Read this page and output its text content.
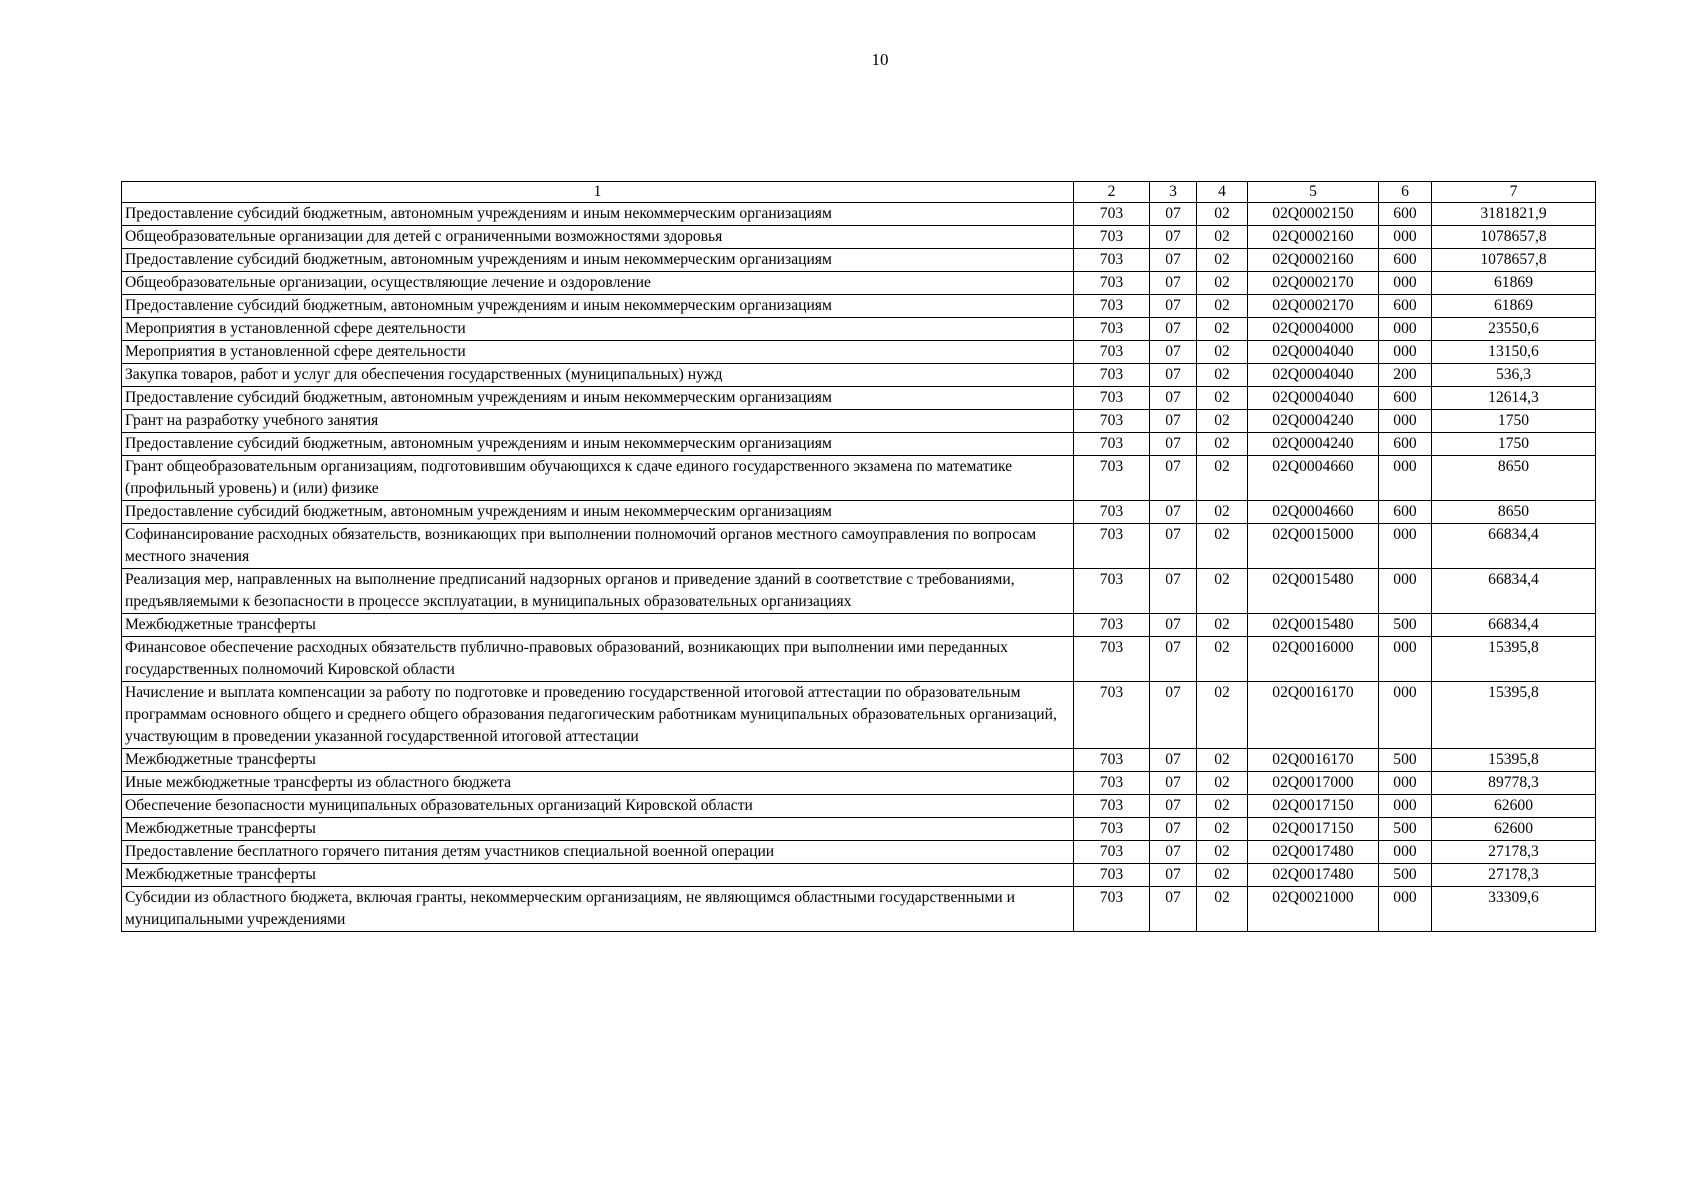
10
1	2	3	4	5	6	7
Предоставление субсидий бюджетным, автономным учреждениям и иным некоммерческим организациям	703	07	02	02Q0002150	600	3181821,9
Общеобразовательные организации для детей с ограниченными возможностями здоровья	703	07	02	02Q0002160	000	1078657,8
Предоставление субсидий бюджетным, автономным учреждениям и иным некоммерческим организациям	703	07	02	02Q0002160	600	1078657,8
Общеобразовательные организации, осуществляющие лечение и оздоровление	703	07	02	02Q0002170	000	61869
Предоставление субсидий бюджетным, автономным учреждениям и иным некоммерческим организациям	703	07	02	02Q0002170	600	61869
Мероприятия в установленной сфере деятельности	703	07	02	02Q0004000	000	23550,6
Мероприятия в установленной сфере деятельности	703	07	02	02Q0004040	000	13150,6
Закупка товаров, работ и услуг для обеспечения государственных (муниципальных) нужд	703	07	02	02Q0004040	200	536,3
Предоставление субсидий бюджетным, автономным учреждениям и иным некоммерческим организациям	703	07	02	02Q0004040	600	12614,3
Грант на разработку учебного занятия	703	07	02	02Q0004240	000	1750
Предоставление субсидий бюджетным, автономным учреждениям и иным некоммерческим организациям	703	07	02	02Q0004240	600	1750
Грант общеобразовательным организациям, подготовившим обучающихся к сдаче единого государственного экзамена по математике (профильный уровень) и (или) физике	703	07	02	02Q0004660	000	8650
Предоставление субсидий бюджетным, автономным учреждениям и иным некоммерческим организациям	703	07	02	02Q0004660	600	8650
Софинансирование расходных обязательств, возникающих при выполнении полномочий органов местного самоуправления по вопросам местного значения	703	07	02	02Q0015000	000	66834,4
Реализация мер, направленных на выполнение предписаний надзорных органов и приведение зданий в соответствие с требованиями, предъявляемыми к безопасности в процессе эксплуатации, в муниципальных образовательных организациях	703	07	02	02Q0015480	000	66834,4
Межбюджетные трансферты	703	07	02	02Q0015480	500	66834,4
Финансовое обеспечение расходных обязательств публично-правовых образований, возникающих при выполнении ими переданных государственных полномочий Кировской области	703	07	02	02Q0016000	000	15395,8
Начисление и выплата компенсации за работу по подготовке и проведению государственной итоговой аттестации по образовательным программам основного общего и среднего общего образования педагогическим работникам муниципальных образовательных организаций, участвующим в проведении указанной государственной итоговой аттестации	703	07	02	02Q0016170	000	15395,8
Межбюджетные трансферты	703	07	02	02Q0016170	500	15395,8
Иные межбюджетные трансферты из областного бюджета	703	07	02	02Q0017000	000	89778,3
Обеспечение безопасности муниципальных образовательных организаций Кировской области	703	07	02	02Q0017150	000	62600
Межбюджетные трансферты	703	07	02	02Q0017150	500	62600
Предоставление бесплатного горячего питания детям участников специальной военной операции	703	07	02	02Q0017480	000	27178,3
Межбюджетные трансферты	703	07	02	02Q0017480	500	27178,3
Субсидии из областного бюджета, включая гранты, некоммерческим организациям, не являющимся областными государственными и муниципальными учреждениями	703	07	02	02Q0021000	000	33309,6
